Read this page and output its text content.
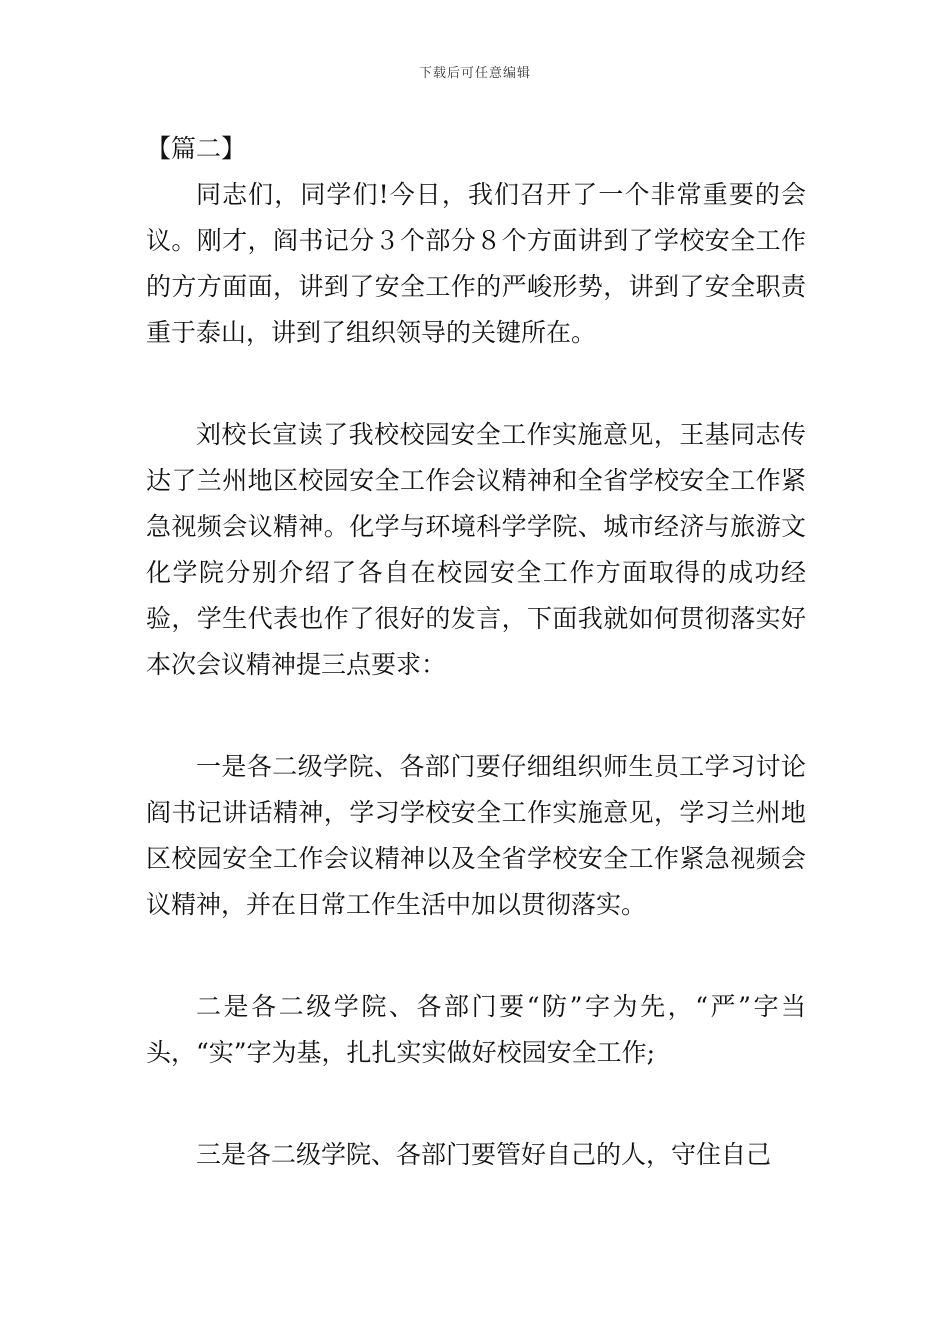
下载后可任意编辑
【篇二】

同志们，同学们!今日，我们召开了一个非常重要的会议。刚才，阎书记分３个部分８个方面讲到了学校安全工作的方方面面，讲到了安全工作的严峻形势，讲到了安全职责重于泰山，讲到了组织领导的关键所在。

刘校长宣读了我校校园安全工作实施意见，王基同志传达了兰州地区校园安全工作会议精神和全省学校安全工作紧急视频会议精神。化学与环境科学学院、城市经济与旅游文化学院分别介绍了各自在校园安全工作方面取得的成功经验，学生代表也作了很好的发言，下面我就如何贯彻落实好本次会议精神提三点要求：

一是各二级学院、各部门要仔细组织师生员工学习讨论阎书记讲话精神，学习学校安全工作实施意见，学习兰州地区校园安全工作会议精神以及全省学校安全工作紧急视频会议精神，并在日常工作生活中加以贯彻落实。

二是各二级学院、各部门要“防”字为先，“严”字当头，“实”字为基，扎扎实实做好校园安全工作;

三是各二级学院、各部门要管好自己的人，守住自己
